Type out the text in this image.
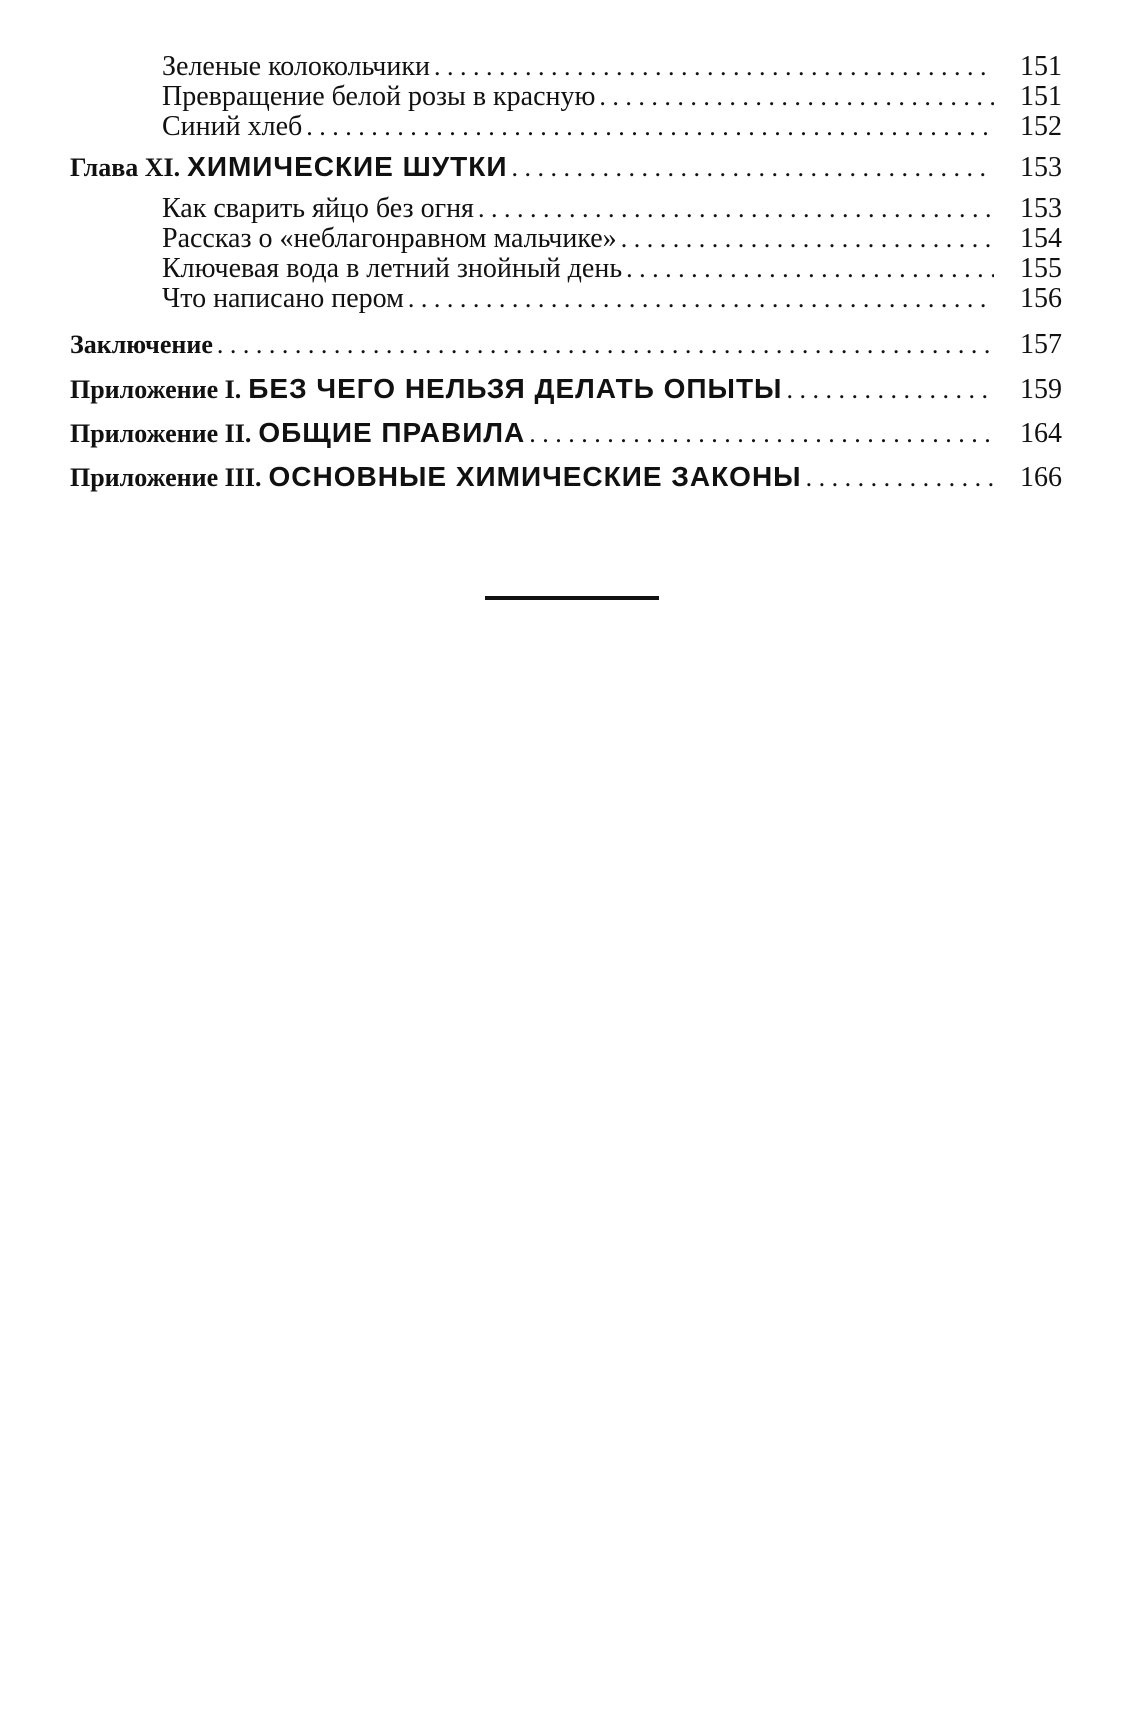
Зеленые колокольчики . . .	151
Превращение белой розы в красную . . .	151
Синий хлеб . . .	152
Глава XI. ХИМИЧЕСКИЕ ШУТКИ . . .	153
Как сварить яйцо без огня . . .	153
Рассказ о «неблагонравном мальчике» . . .	154
Ключевая вода в летний знойный день . . .	155
Что написано пером . . .	156
Заключение . . .	157
Приложение I. БЕЗ ЧЕГО НЕЛЬЗЯ ДЕЛАТЬ ОПЫТЫ . . .	159
Приложение II. ОБЩИЕ ПРАВИЛА . . .	164
Приложение III. ОСНОВНЫЕ ХИМИЧЕСКИЕ ЗАКОНЫ . . .	166
